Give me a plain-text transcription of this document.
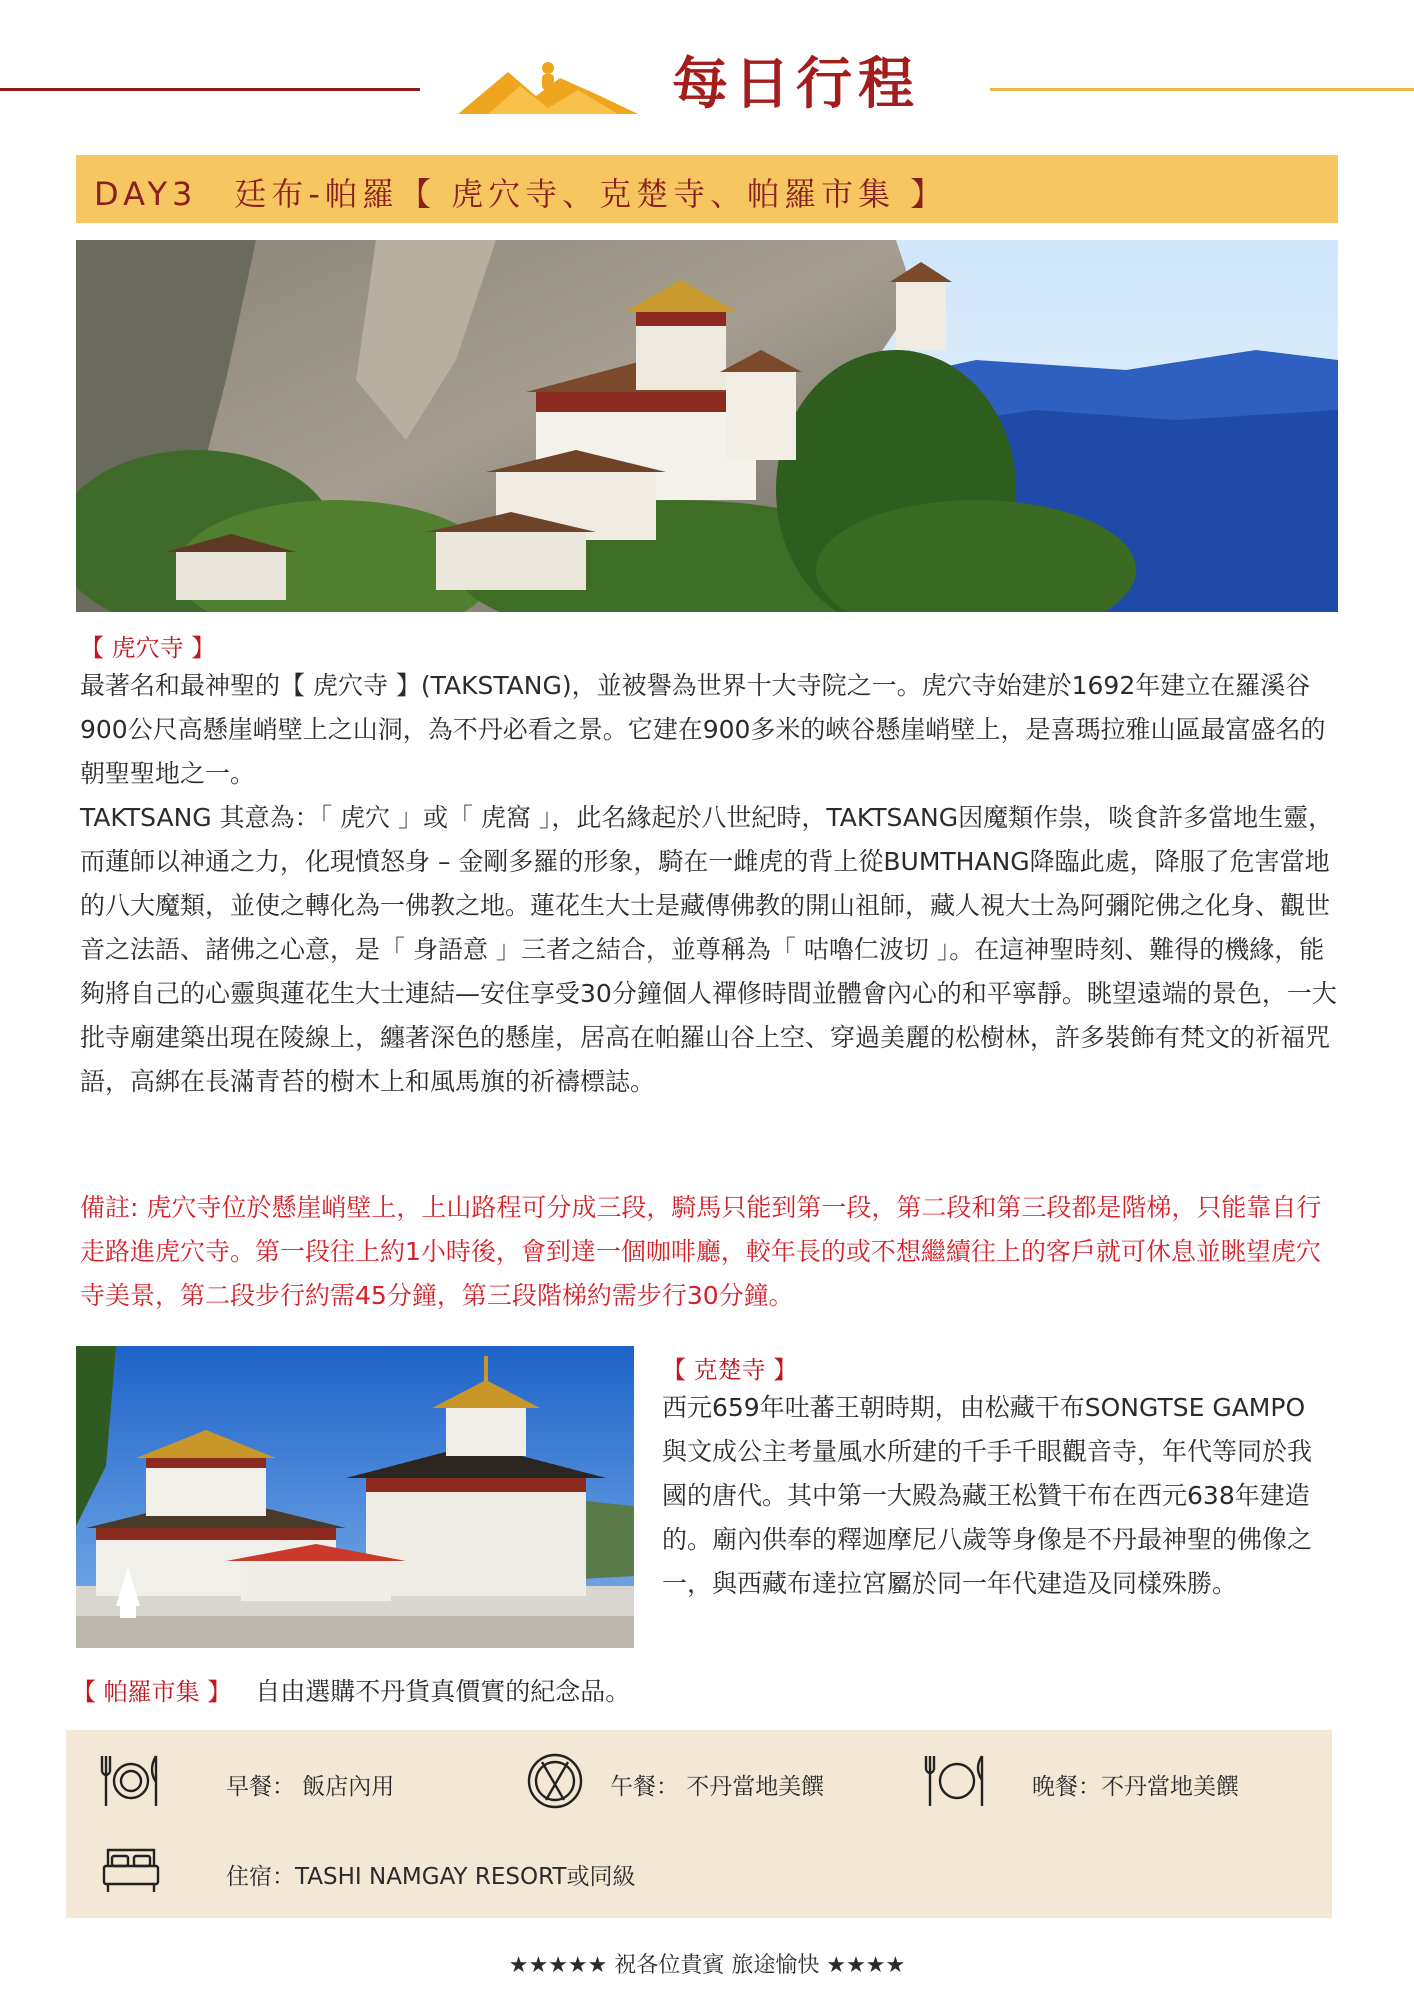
每日行程
DAY3　廷布-帕羅【 虎穴寺、克楚寺、帕羅市集 】
【 虎穴寺 】
最著名和最神聖的【 虎穴寺 】(TAKSTANG)，並被譽為世界十大寺院之一。虎穴寺始建於1692年建立在羅溪谷900公尺高懸崖峭壁上之山洞，為不丹必看之景。它建在900多米的峽谷懸崖峭壁上，是喜瑪拉雅山區最富盛名的朝聖聖地之一。
TAKTSANG 其意為：「 虎穴 」或「 虎窩 」，此名緣起於八世紀時，TAKTSANG因魔類作祟，啖食許多當地生靈，而蓮師以神通之力，化現憤怒身 – 金剛多羅的形象，騎在一雌虎的背上從BUMTHANG降臨此處，降服了危害當地的八大魔類，並使之轉化為一佛教之地。蓮花生大士是藏傳佛教的開山祖師，藏人視大士為阿彌陀佛之化身、觀世音之法語、諸佛之心意，是「 身語意 」三者之結合，並尊稱為「 咕嚕仁波切 」。在這神聖時刻、難得的機緣，能夠將自己的心靈與蓮花生大士連結—安住享受30分鐘個人禪修時間並體會內心的和平寧靜。眺望遠端的景色，一大批寺廟建築出現在陵線上，纏著深色的懸崖，居高在帕羅山谷上空、穿過美麗的松樹林，許多裝飾有梵文的祈福咒語，高綁在長滿青苔的樹木上和風馬旗的祈禱標誌。
備註: 虎穴寺位於懸崖峭壁上，上山路程可分成三段，騎馬只能到第一段，第二段和第三段都是階梯，只能靠自行走路進虎穴寺。第一段往上約1小時後，會到達一個咖啡廳，較年長的或不想繼續往上的客戶就可休息並眺望虎穴寺美景，第二段步行約需45分鐘，第三段階梯約需步行30分鐘。
【 克楚寺 】
西元659年吐蕃王朝時期，由松藏干布SONGTSE GAMPO與文成公主考量風水所建的千手千眼觀音寺，年代等同於我國的唐代。其中第一大殿為藏王松贊干布在西元638年建造的。廟內供奉的釋迦摩尼八歲等身像是不丹最神聖的佛像之一，與西藏布達拉宮屬於同一年代建造及同樣殊勝。
【 帕羅市集 】 自由選購不丹貨真價實的紀念品。
早餐： 飯店內用	午餐： 不丹當地美饌	晚餐：不丹當地美饌
住宿：TASHI NAMGAY RESORT或同級
★★★★★ 祝各位貴賓 旅途愉快 ★★★★
